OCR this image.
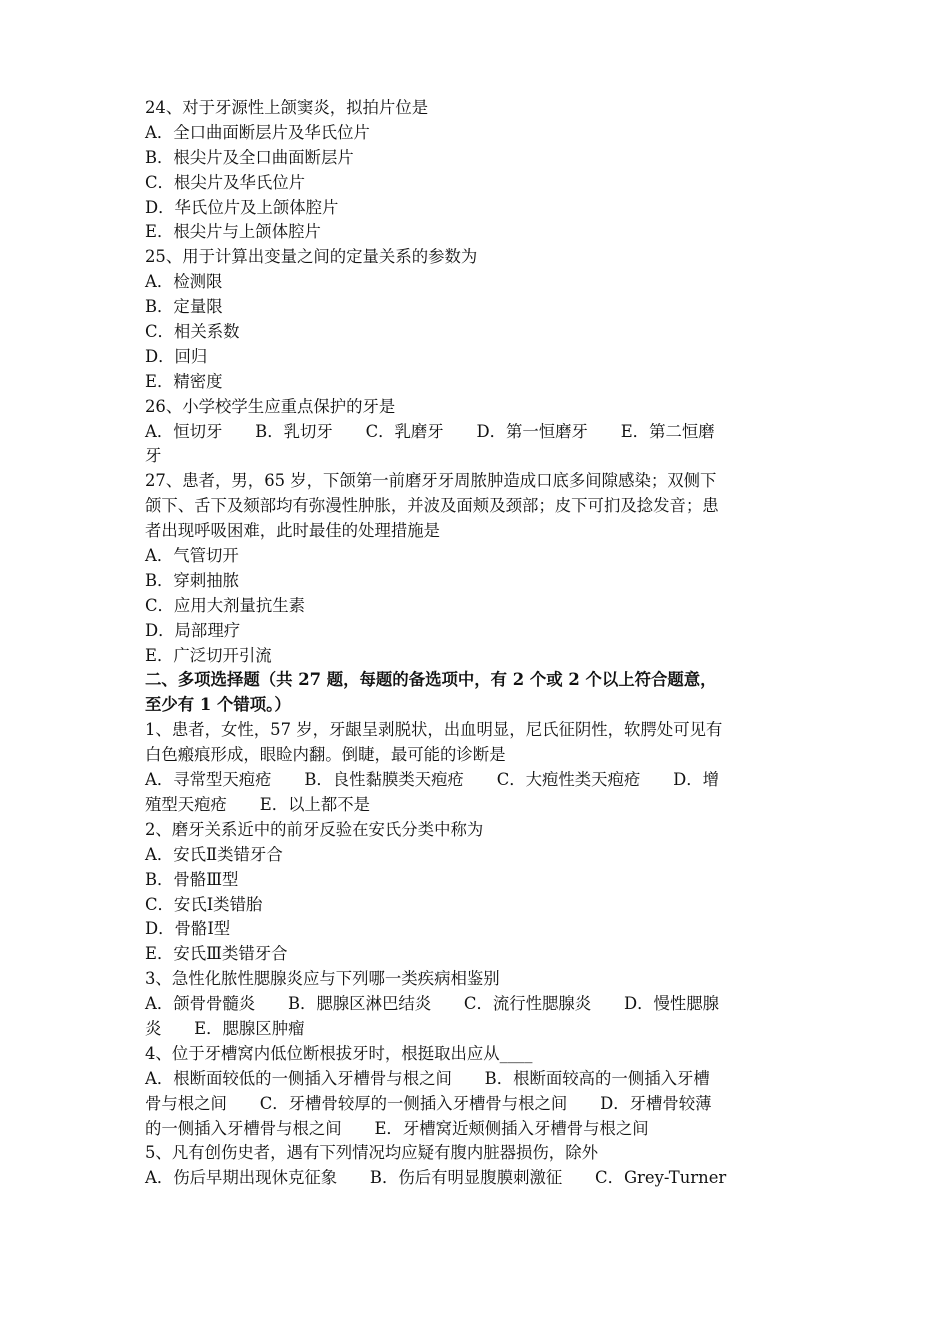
24、对于牙源性上颌窦炎，拟拍片位是
A．全口曲面断层片及华氏位片
B．根尖片及全口曲面断层片
C．根尖片及华氏位片
D．华氏位片及上颌体腔片
E．根尖片与上颌体腔片
25、用于计算出变量之间的定量关系的参数为
A．检测限
B．定量限
C．相关系数
D．回归
E．精密度
26、小学校学生应重点保护的牙是
A．恒切牙　　B．乳切牙　　C．乳磨牙　　D．第一恒磨牙　　E．第二恒磨
牙
27、患者，男，65 岁，下颌第一前磨牙牙周脓肿造成口底多间隙感染；双侧下
颌下、舌下及颏部均有弥漫性肿胀，并波及面颊及颈部；皮下可扪及捻发音；患
者出现呼吸困难，此时最佳的处理措施是
A．气管切开
B．穿刺抽脓
C．应用大剂量抗生素
D．局部理疗
E．广泛切开引流
二、多项选择题（共 27 题，每题的备选项中，有 2 个或 2 个以上符合题意，
至少有 1 个错项。）
1、患者，女性，57 岁，牙龈呈剥脱状，出血明显，尼氏征阴性，软腭处可见有
白色瘢痕形成，眼睑内翻。倒睫，最可能的诊断是
A．寻常型天疱疮　　B．良性黏膜类天疱疮　　C．大疱性类天疱疮　　D．增
殖型天疱疮　　E．以上都不是
2、磨牙关系近中的前牙反验在安氏分类中称为
A．安氏Ⅱ类错牙合
B．骨骼Ⅲ型
C．安氏Ⅰ类错胎
D．骨骼Ⅰ型
E．安氏Ⅲ类错牙合
3、急性化脓性腮腺炎应与下列哪一类疾病相鉴别
A．颌骨骨髓炎　　B．腮腺区淋巴结炎　　C．流行性腮腺炎　　D．慢性腮腺
炎　　E．腮腺区肿瘤
4、位于牙槽窝内低位断根拔牙时，根挺取出应从____
A．根断面较低的一侧插入牙槽骨与根之间　　B．根断面较高的一侧插入牙槽
骨与根之间　　C．牙槽骨较厚的一侧插入牙槽骨与根之间　　D．牙槽骨较薄
的一侧插入牙槽骨与根之间　　E．牙槽窝近颊侧插入牙槽骨与根之间
5、凡有创伤史者，遇有下列情况均应疑有腹内脏器损伤，除外
A．伤后早期出现休克征象　　B．伤后有明显腹膜刺激征　　C．Grey-Turner
